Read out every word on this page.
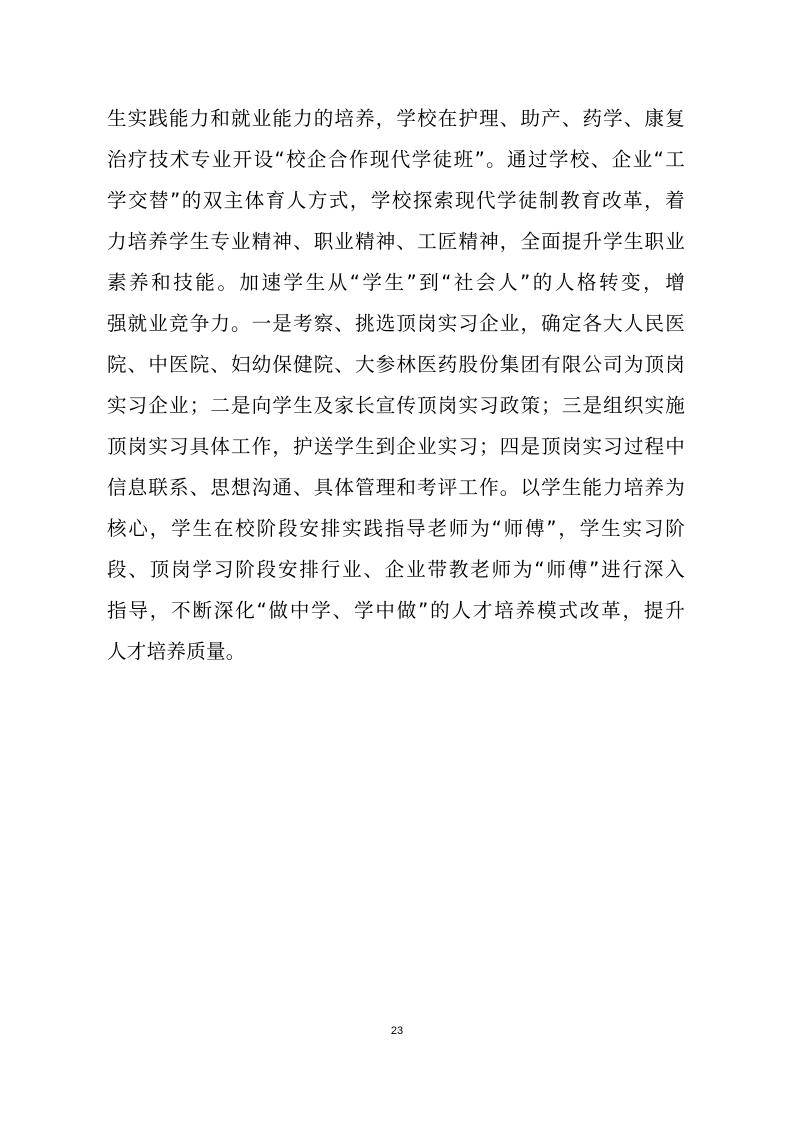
生实践能力和就业能力的培养，学校在护理、助产、药学、康复
治疗技术专业开设“校企合作现代学徒班”。通过学校、企业“工
学交替”的双主体育人方式，学校探索现代学徒制教育改革，着
力培养学生专业精神、职业精神、工匠精神，全面提升学生职业
素养和技能。加速学生从“学生”到“社会人”的人格转变，增
强就业竞争力。一是考察、挑选顶岗实习企业，确定各大人民医
院、中医院、妇幼保健院、大参林医药股份集团有限公司为顶岗
实习企业；二是向学生及家长宣传顶岗实习政策；三是组织实施
顶岗实习具体工作，护送学生到企业实习；四是顶岗实习过程中
信息联系、思想沟通、具体管理和考评工作。以学生能力培养为
核心，学生在校阶段安排实践指导老师为“师傅”，学生实习阶
段、顶岗学习阶段安排行业、企业带教老师为“师傅”进行深入
指导，不断深化“做中学、学中做”的人才培养模式改革，提升
人才培养质量。
23
